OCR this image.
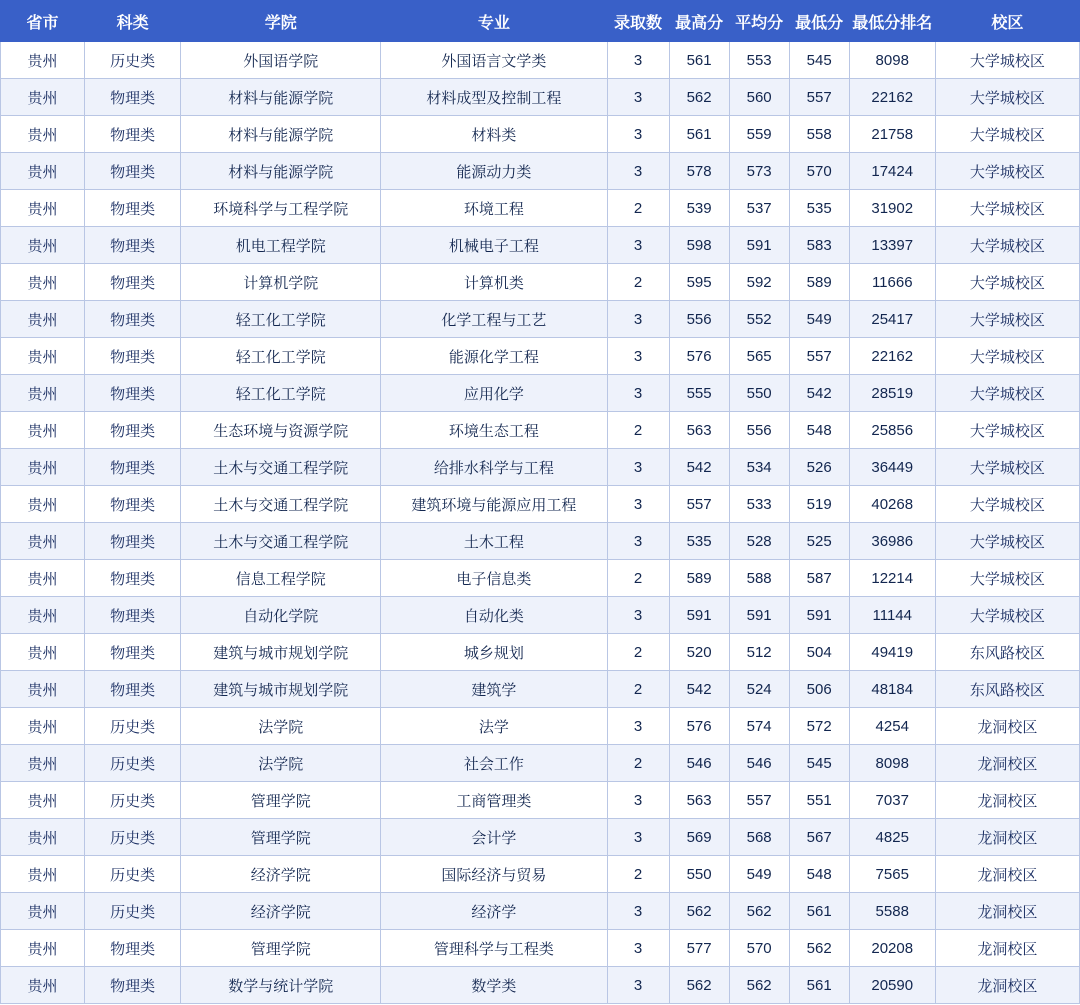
省市	科类	学院	专业	录取数	最高分	平均分	最低分	最低分排名	校区
贵州	历史类	外国语学院	外国语言文学类	3	561	553	545	8098	大学城校区
贵州	物理类	材料与能源学院	材料成型及控制工程	3	562	560	557	22162	大学城校区
贵州	物理类	材料与能源学院	材料类	3	561	559	558	21758	大学城校区
贵州	物理类	材料与能源学院	能源动力类	3	578	573	570	17424	大学城校区
贵州	物理类	环境科学与工程学院	环境工程	2	539	537	535	31902	大学城校区
贵州	物理类	机电工程学院	机械电子工程	3	598	591	583	13397	大学城校区
贵州	物理类	计算机学院	计算机类	2	595	592	589	11666	大学城校区
贵州	物理类	轻工化工学院	化学工程与工艺	3	556	552	549	25417	大学城校区
贵州	物理类	轻工化工学院	能源化学工程	3	576	565	557	22162	大学城校区
贵州	物理类	轻工化工学院	应用化学	3	555	550	542	28519	大学城校区
贵州	物理类	生态环境与资源学院	环境生态工程	2	563	556	548	25856	大学城校区
贵州	物理类	土木与交通工程学院	给排水科学与工程	3	542	534	526	36449	大学城校区
贵州	物理类	土木与交通工程学院	建筑环境与能源应用工程	3	557	533	519	40268	大学城校区
贵州	物理类	土木与交通工程学院	土木工程	3	535	528	525	36986	大学城校区
贵州	物理类	信息工程学院	电子信息类	2	589	588	587	12214	大学城校区
贵州	物理类	自动化学院	自动化类	3	591	591	591	11144	大学城校区
贵州	物理类	建筑与城市规划学院	城乡规划	2	520	512	504	49419	东风路校区
贵州	物理类	建筑与城市规划学院	建筑学	2	542	524	506	48184	东风路校区
贵州	历史类	法学院	法学	3	576	574	572	4254	龙洞校区
贵州	历史类	法学院	社会工作	2	546	546	545	8098	龙洞校区
贵州	历史类	管理学院	工商管理类	3	563	557	551	7037	龙洞校区
贵州	历史类	管理学院	会计学	3	569	568	567	4825	龙洞校区
贵州	历史类	经济学院	国际经济与贸易	2	550	549	548	7565	龙洞校区
贵州	历史类	经济学院	经济学	3	562	562	561	5588	龙洞校区
贵州	物理类	管理学院	管理科学与工程类	3	577	570	562	20208	龙洞校区
贵州	物理类	数学与统计学院	数学类	3	562	562	561	20590	龙洞校区
